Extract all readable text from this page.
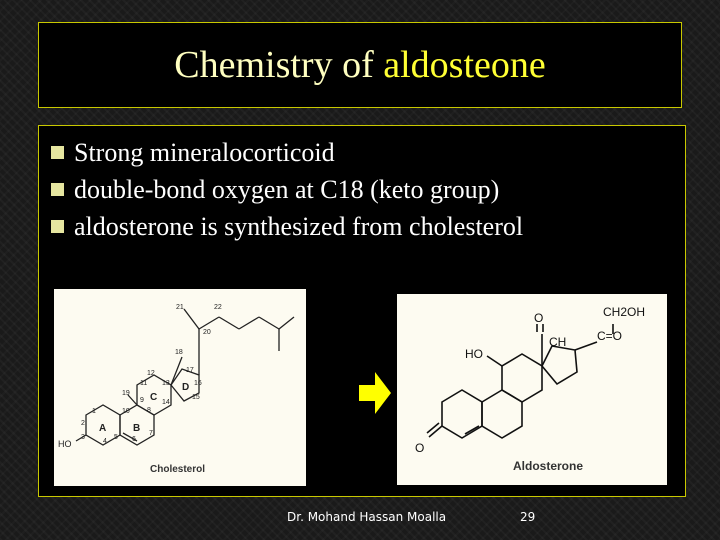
Chemistry of aldosteone
Strong mineralocorticoid
double-bond oxygen at C18 (keto group)
aldosterone is synthesized from cholesterol
1
2
3
4
5 6
7
8
9
10
11
12
13
14
15
16
17
18
19
20
21	22
A	B
C
D
HO
Cholesterol
HO
O
O
CH
CH2OH
C=O
Aldosterone
Dr. Mohand Hassan Moalla	29
